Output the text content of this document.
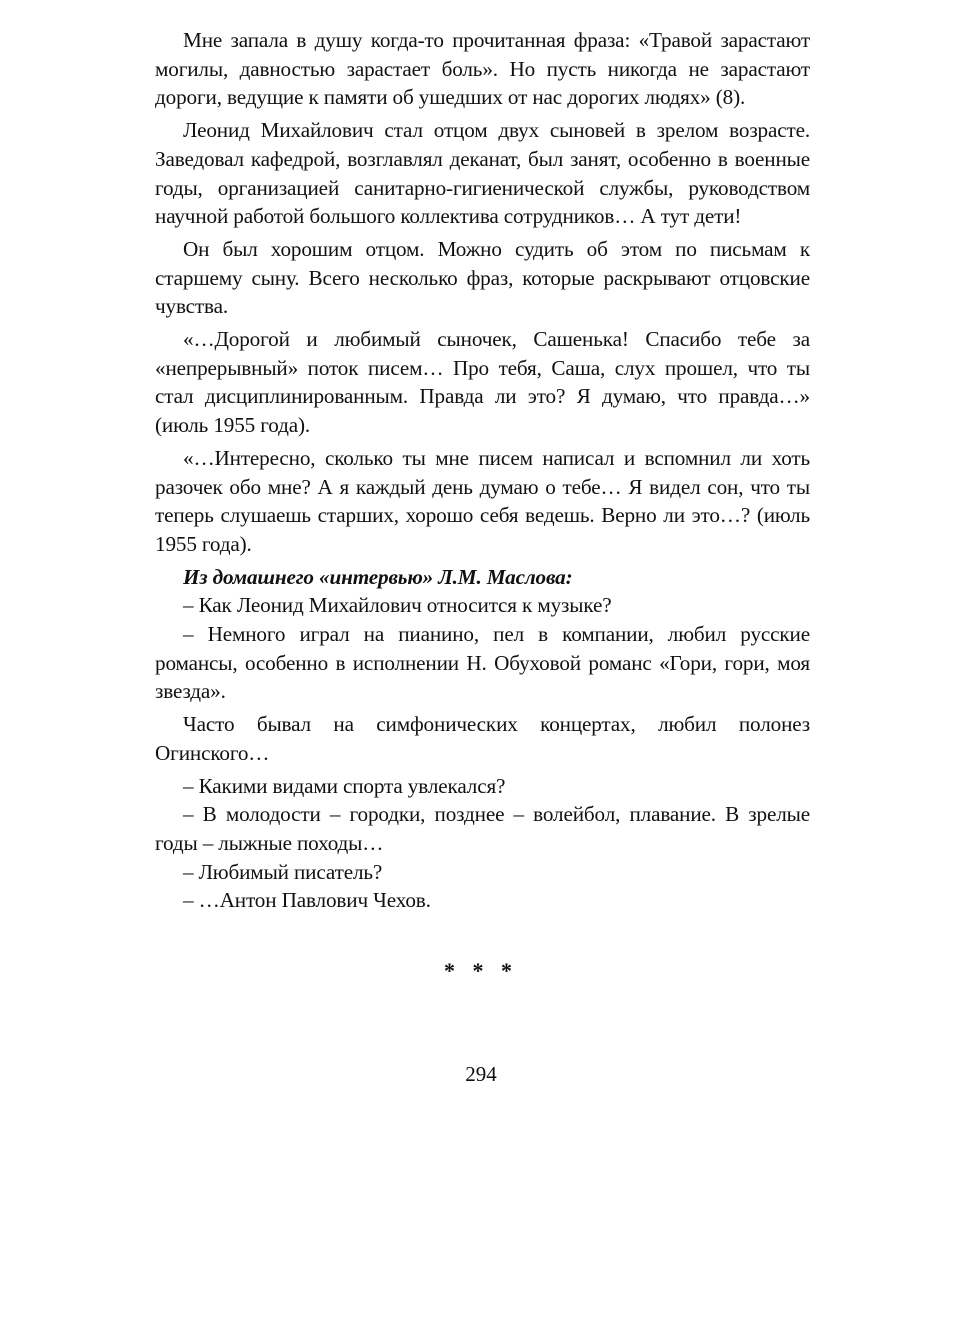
Мне запала в душу когда-то прочитанная фраза: «Травой зарастают могилы, давностью зарастает боль». Но пусть никогда не зарастают дороги, ведущие к памяти об ушедших от нас дорогих людях» (8).

Леонид Михайлович стал отцом двух сыновей в зрелом возрасте. Заведовал кафедрой, возглавлял деканат, был занят, особенно в военные годы, организацией санитарно-гигиенической службы, руководством научной работой большого коллектива сотрудников… А тут дети!

Он был хорошим отцом. Можно судить об этом по письмам к старшему сыну. Всего несколько фраз, которые раскрывают отцовские чувства.

«…Дорогой и любимый сыночек, Сашенька! Спасибо тебе за «непрерывный» поток писем… Про тебя, Саша, слух прошел, что ты стал дисциплинированным. Правда ли это? Я думаю, что правда…» (июль 1955 года).

«…Интересно, сколько ты мне писем написал и вспомнил ли хоть разочек обо мне? А я каждый день думаю о тебе… Я видел сон, что ты теперь слушаешь старших, хорошо себя ведешь. Верно ли это…? (июль 1955 года).

Из домашнего «интервью» Л.М. Маслова:

– Как Леонид Михайлович относится к музыке?

– Немного играл на пианино, пел в компании, любил русские романсы, особенно в исполнении Н. Обуховой романс «Гори, гори, моя звезда».

Часто бывал на симфонических концертах, любил полонез Огинского…

– Какими видами спорта увлекался?

– В молодости – городки, позднее – волейбол, плавание. В зрелые годы – лыжные походы…

– Любимый писатель?

– …Антон Павлович Чехов.

* * *
294
